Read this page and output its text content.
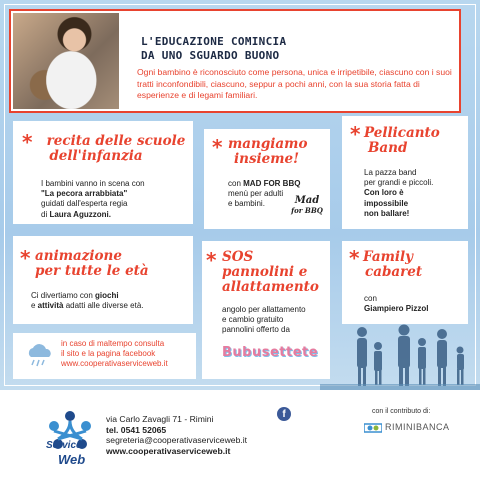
L'EDUCAZIONE COMINCIA
DA UNO SGUARDO BUONO
Ogni bambino è riconosciuto come persona, unica e irripetibile, ciascuno con i suoi tratti inconfondibili, ciascuno, seppur a pochi anni, con la sua storia fatta di esperienze e di legami familiari.
*	recita delle scuole
dell'infanzia
I bambini vanno in scena con
"La pecora arrabbiata"
guidati dall'esperta regia
di Laura Aguzzoni.
* mangiamo
insieme!
con MAD FOR BBQ
menù per adulti
e bambini.	Mad
for BBQ
* Pellicanto
Band
La pazza band
per grandi e piccoli.
Con loro è
impossibile
non ballare!
* animazione
per tutte le età
Ci divertiamo con giochi
e attività adatti alle diverse età.
* SOS
pannolini e
allattamento
angolo per allattamento
e cambio gratuito
pannolini offerto da
Bubusettete
* Family
cabaret
con
Giampiero Pizzol
in caso di maltempo consulta
il sito e la pagina facebook
www.cooperativaserviceweb.it
Service
Web
via Carlo Zavagli 71 - Rimini
tel. 0541 52065
segreteria@cooperativaserviceweb.it
www.cooperativaserviceweb.it
f	con il contributo di:
RIMINIBANCA
